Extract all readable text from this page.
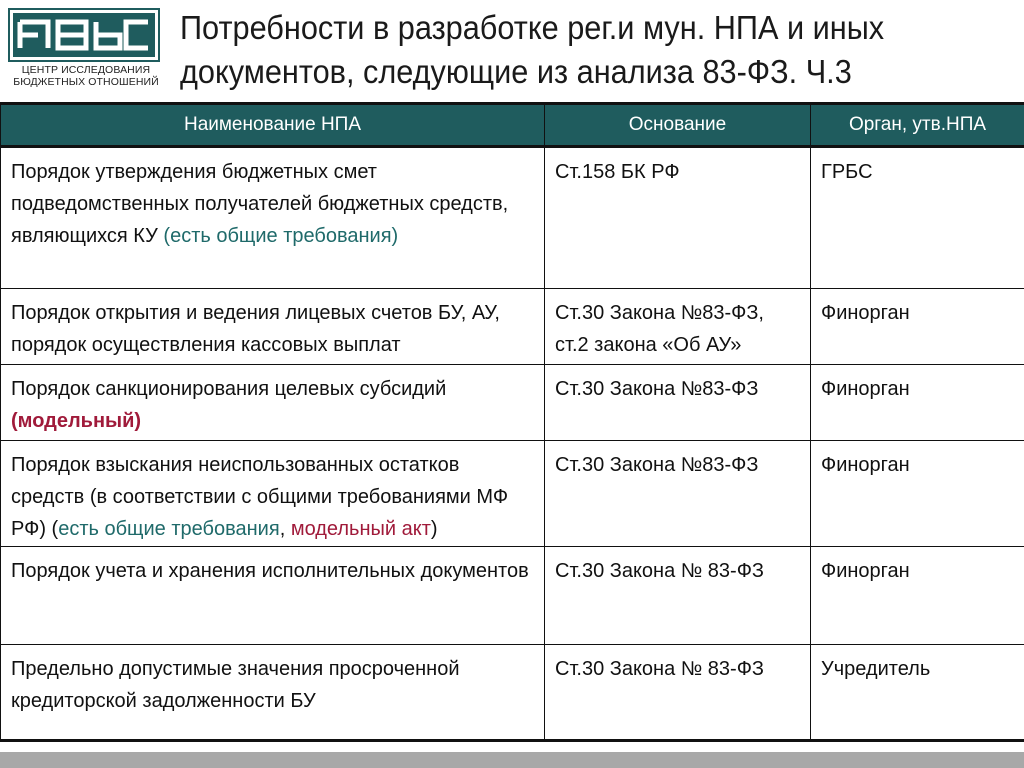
ЦЕНТР ИССЛЕДОВАНИЯ
БЮДЖЕТНЫХ ОТНОШЕНИЙ
Потребности в разработке рег.и мун. НПА и иных
документов, следующие из анализа 83-ФЗ. Ч.3
Наименование НПА	Основание	Орган, утв.НПА
Порядок утверждения бюджетных смет подведомственных получателей бюджетных средств, являющихся КУ (есть общие требования)	Ст.158 БК РФ	ГРБС
Порядок открытия и ведения лицевых счетов БУ, АУ, порядок осуществления кассовых выплат	Ст.30 Закона №83-ФЗ, ст.2 закона «Об АУ»	Финорган
Порядок санкционирования целевых субсидий (модельный)	Ст.30 Закона №83-ФЗ	Финорган
Порядок взыскания неиспользованных остатков средств (в соответствии с общими требованиями МФ РФ) (есть общие требования, модельный акт)	Ст.30 Закона №83-ФЗ	Финорган
Порядок учета и хранения исполнительных документов	Ст.30 Закона № 83-ФЗ	Финорган
Предельно допустимые значения просроченной кредиторской задолженности БУ	Ст.30 Закона № 83-ФЗ	Учредитель
